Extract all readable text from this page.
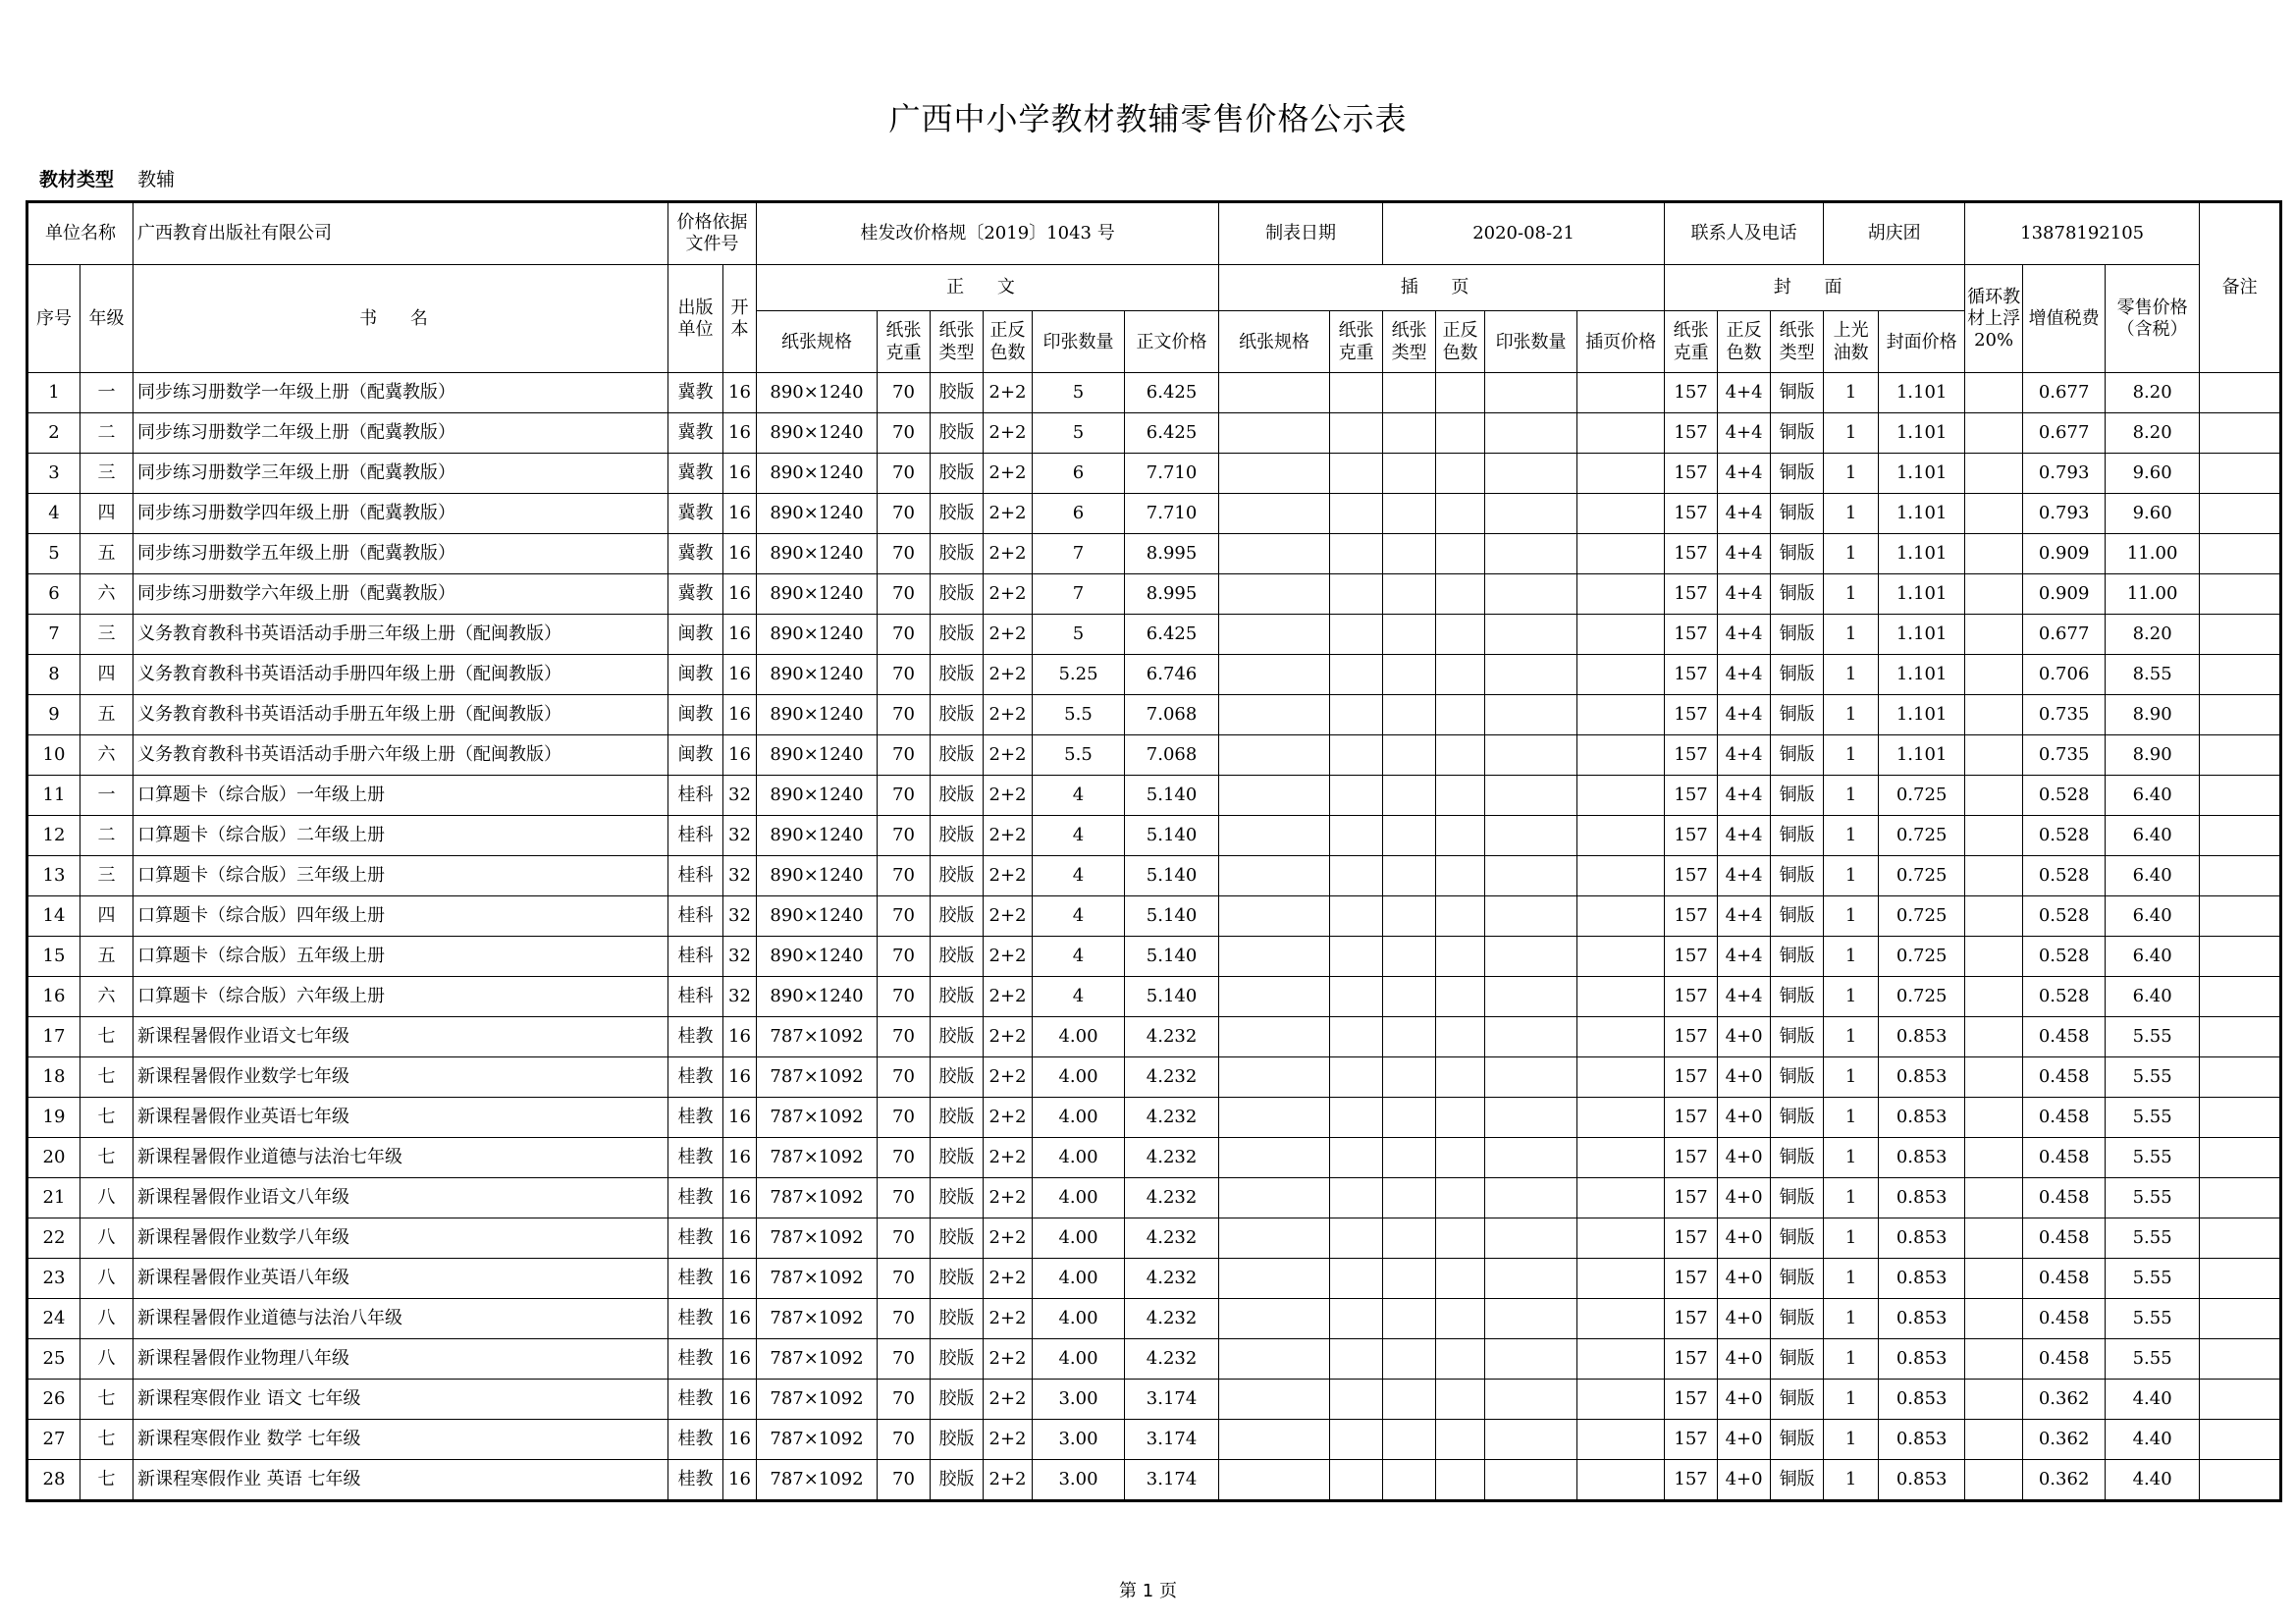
广西中小学教材教辅零售价格公示表
教材类型 教辅
单位名称		广西教育出版社有限公司	价格依据文件号		桂发改价格规〔2019〕1043 号						制表日期		2020-08-21				联系人及电话			胡庆团		13878192105			备注
序号	年级	书 名	出版单位	开本	正 文						插 页						封 面					循环教材上浮20%	增值税费	零售价格（含税）	
					纸张规格	纸张克重	纸张类型	正反色数	印张数量	正文价格	纸张规格	纸张克重	纸张类型	正反色数	印张数量	插页价格	纸张克重	正反色数	纸张类型	上光油数	封面价格				
1	一	同步练习册数学一年级上册（配冀教版）	冀教	16	890×1240	70	胶版	2+2	5	6.425							157	4+4	铜版	1	1.101		0.677	8.20	
2	二	同步练习册数学二年级上册（配冀教版）	冀教	16	890×1240	70	胶版	2+2	5	6.425							157	4+4	铜版	1	1.101		0.677	8.20	
3	三	同步练习册数学三年级上册（配冀教版）	冀教	16	890×1240	70	胶版	2+2	6	7.710							157	4+4	铜版	1	1.101		0.793	9.60	
4	四	同步练习册数学四年级上册（配冀教版）	冀教	16	890×1240	70	胶版	2+2	6	7.710							157	4+4	铜版	1	1.101		0.793	9.60	
5	五	同步练习册数学五年级上册（配冀教版）	冀教	16	890×1240	70	胶版	2+2	7	8.995							157	4+4	铜版	1	1.101		0.909	11.00	
6	六	同步练习册数学六年级上册（配冀教版）	冀教	16	890×1240	70	胶版	2+2	7	8.995							157	4+4	铜版	1	1.101		0.909	11.00	
7	三	义务教育教科书英语活动手册三年级上册（配闽教版）	闽教	16	890×1240	70	胶版	2+2	5	6.425							157	4+4	铜版	1	1.101		0.677	8.20	
8	四	义务教育教科书英语活动手册四年级上册（配闽教版）	闽教	16	890×1240	70	胶版	2+2	5.25	6.746							157	4+4	铜版	1	1.101		0.706	8.55	
9	五	义务教育教科书英语活动手册五年级上册（配闽教版）	闽教	16	890×1240	70	胶版	2+2	5.5	7.068							157	4+4	铜版	1	1.101		0.735	8.90	
10	六	义务教育教科书英语活动手册六年级上册（配闽教版）	闽教	16	890×1240	70	胶版	2+2	5.5	7.068							157	4+4	铜版	1	1.101		0.735	8.90	
11	一	口算题卡（综合版）一年级上册	桂科	32	890×1240	70	胶版	2+2	4	5.140							157	4+4	铜版	1	0.725		0.528	6.40	
12	二	口算题卡（综合版）二年级上册	桂科	32	890×1240	70	胶版	2+2	4	5.140							157	4+4	铜版	1	0.725		0.528	6.40	
13	三	口算题卡（综合版）三年级上册	桂科	32	890×1240	70	胶版	2+2	4	5.140							157	4+4	铜版	1	0.725		0.528	6.40	
14	四	口算题卡（综合版）四年级上册	桂科	32	890×1240	70	胶版	2+2	4	5.140							157	4+4	铜版	1	0.725		0.528	6.40	
15	五	口算题卡（综合版）五年级上册	桂科	32	890×1240	70	胶版	2+2	4	5.140							157	4+4	铜版	1	0.725		0.528	6.40	
16	六	口算题卡（综合版）六年级上册	桂科	32	890×1240	70	胶版	2+2	4	5.140							157	4+4	铜版	1	0.725		0.528	6.40	
17	七	新课程暑假作业语文七年级	桂教	16	787×1092	70	胶版	2+2	4.00	4.232							157	4+0	铜版	1	0.853		0.458	5.55	
18	七	新课程暑假作业数学七年级	桂教	16	787×1092	70	胶版	2+2	4.00	4.232							157	4+0	铜版	1	0.853		0.458	5.55	
19	七	新课程暑假作业英语七年级	桂教	16	787×1092	70	胶版	2+2	4.00	4.232							157	4+0	铜版	1	0.853		0.458	5.55	
20	七	新课程暑假作业道德与法治七年级	桂教	16	787×1092	70	胶版	2+2	4.00	4.232							157	4+0	铜版	1	0.853		0.458	5.55	
21	八	新课程暑假作业语文八年级	桂教	16	787×1092	70	胶版	2+2	4.00	4.232							157	4+0	铜版	1	0.853		0.458	5.55	
22	八	新课程暑假作业数学八年级	桂教	16	787×1092	70	胶版	2+2	4.00	4.232							157	4+0	铜版	1	0.853		0.458	5.55	
23	八	新课程暑假作业英语八年级	桂教	16	787×1092	70	胶版	2+2	4.00	4.232							157	4+0	铜版	1	0.853		0.458	5.55	
24	八	新课程暑假作业道德与法治八年级	桂教	16	787×1092	70	胶版	2+2	4.00	4.232							157	4+0	铜版	1	0.853		0.458	5.55	
25	八	新课程暑假作业物理八年级	桂教	16	787×1092	70	胶版	2+2	4.00	4.232							157	4+0	铜版	1	0.853		0.458	5.55	
26	七	新课程寒假作业 语文 七年级	桂教	16	787×1092	70	胶版	2+2	3.00	3.174							157	4+0	铜版	1	0.853		0.362	4.40	
27	七	新课程寒假作业 数学 七年级	桂教	16	787×1092	70	胶版	2+2	3.00	3.174							157	4+0	铜版	1	0.853		0.362	4.40	
28	七	新课程寒假作业 英语 七年级	桂教	16	787×1092	70	胶版	2+2	3.00	3.174							157	4+0	铜版	1	0.853		0.362	4.40	
第 1 页
